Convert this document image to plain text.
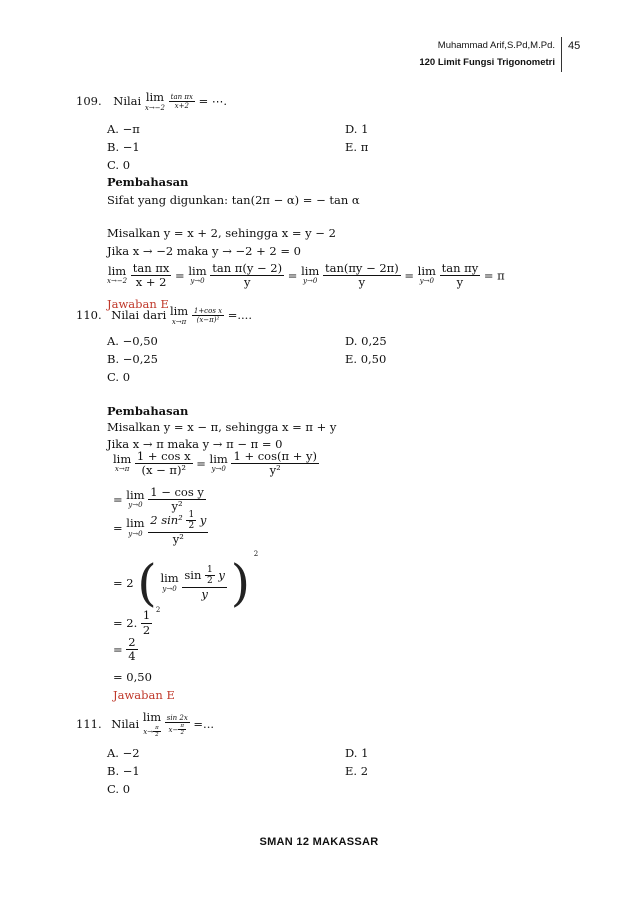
Muhammad Arif,S.Pd,M.Pd.
120 Limit Fungsi Trigonometri
45
109. Nilai lim
x→−2
$\frac{\text{tan πx}}{x+2}$ = ⋯.
A. −π
B. −1
C. 0
D. 1
E. π
Pembahasan
Sifat yang digunkan: tan(2π − α) = − tan α
Misalkan y = x + 2, sehingga x = y − 2
Jika x → −2 maka y → −2 + 2 = 0
lim
x→−2
$\frac{\text{tan πx}}{x + 2} = \lim$
y→0
$\frac{\text{tan π(y − 2)}}{y} = \lim$
y→0
$\frac{\tan(\pi y - 2\pi)}{y} = \lim$
y→0
$\frac{\text{tan πy}}{y} = \pi$
Jawaban E
110. Nilai dari lim
x→π
$\frac{\text{1+cos x}}{\text{(x−π)²}}$ =....
A. −0,50
B. −0,25
C. 0
D. 0,25
E. 0,50
Pembahasan
Misalkan y = x − π, sehingga x = π + y
Jika x → π maka y → π − π = 0
lim
x→π
$\frac{\text{1 + cos x}}{\text{(x − π)²}} = \lim$
y→0
$\frac{1 + \cos(\pi + y)}{\text{y²}}$
= lim
y→0
$\frac{\text{1 − cos y}}{\text{y²}}$
= lim
y→0
$\frac{2 \sin^2 \frac{1}{2} y}{\text{y²}}$
= 2 ( lim
y→0
$\frac{\sin \frac{1}{2} y}{y}$ ) $^2$
= 2. $\frac{1}{2} ^2$
= $\frac{2}{4}$
= 0,50
Jawaban E
111. Nilai
lim
$x\to \frac{\pi}{2}$
$\frac{\sin 2x}{x- \frac{\pi}{2}}$ =...
A. −2
B. −1
C. 0
D. 1
E. 2
SMAN 12 MAKASSAR
